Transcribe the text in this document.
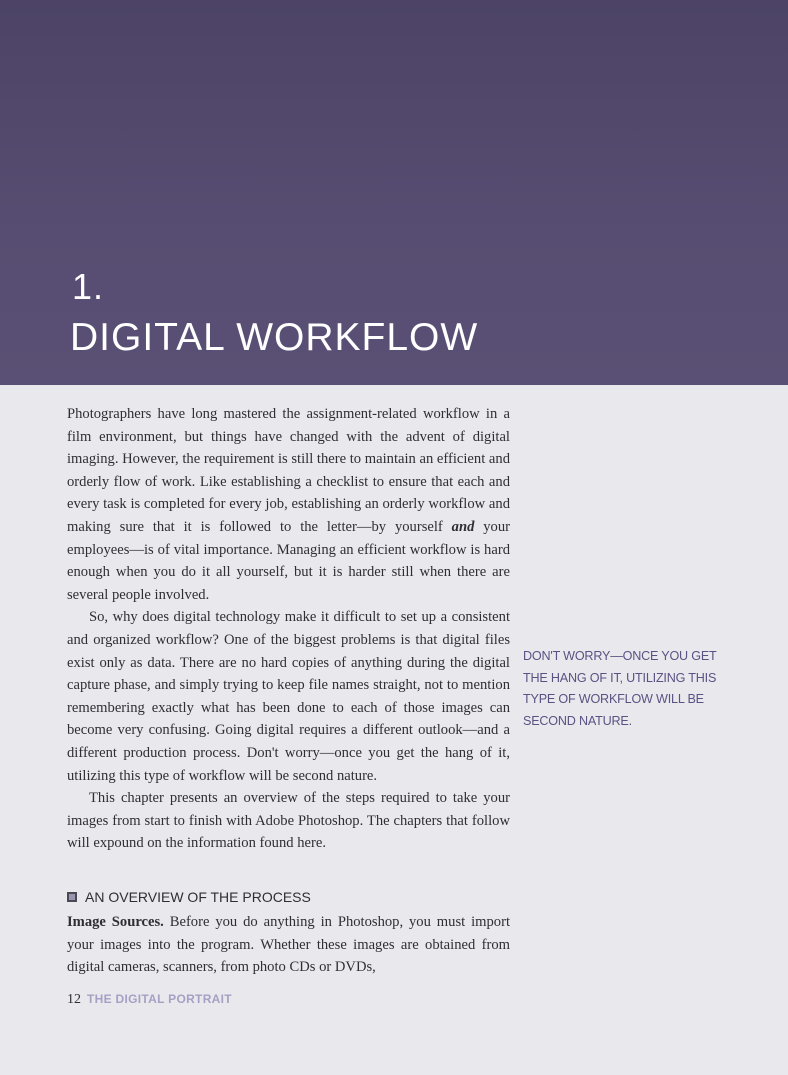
1.
DIGITAL WORKFLOW

Photographers have long mastered the assignment-related workflow in a film environment, but things have changed with the advent of digital imaging. However, the requirement is still there to maintain an efficient and orderly flow of work. Like establishing a checklist to ensure that each and every task is completed for every job, establishing an orderly workflow and making sure that it is followed to the letter—by yourself and your employees—is of vital importance. Managing an efficient workflow is hard enough when you do it all yourself, but it is harder still when there are several people involved.

So, why does digital technology make it difficult to set up a consistent and organized workflow? One of the biggest problems is that digital files exist only as data. There are no hard copies of anything during the digital capture phase, and simply trying to keep file names straight, not to mention remembering exactly what has been done to each of those images can become very confusing. Going digital requires a different outlook—and a different production process. Don't worry—once you get the hang of it, utilizing this type of workflow will be second nature.

This chapter presents an overview of the steps required to take your images from start to finish with Adobe Photoshop. The chapters that follow will expound on the information found here.

DON'T WORRY—ONCE YOU GET
THE HANG OF IT, UTILIZING THIS
TYPE OF WORKFLOW WILL BE
SECOND NATURE.
AN OVERVIEW OF THE PROCESS
Image Sources. Before you do anything in Photoshop, you must import your images into the program. Whether these images are obtained from digital cameras, scanners, from photo CDs or DVDs,
12 THE DIGITAL PORTRAIT
